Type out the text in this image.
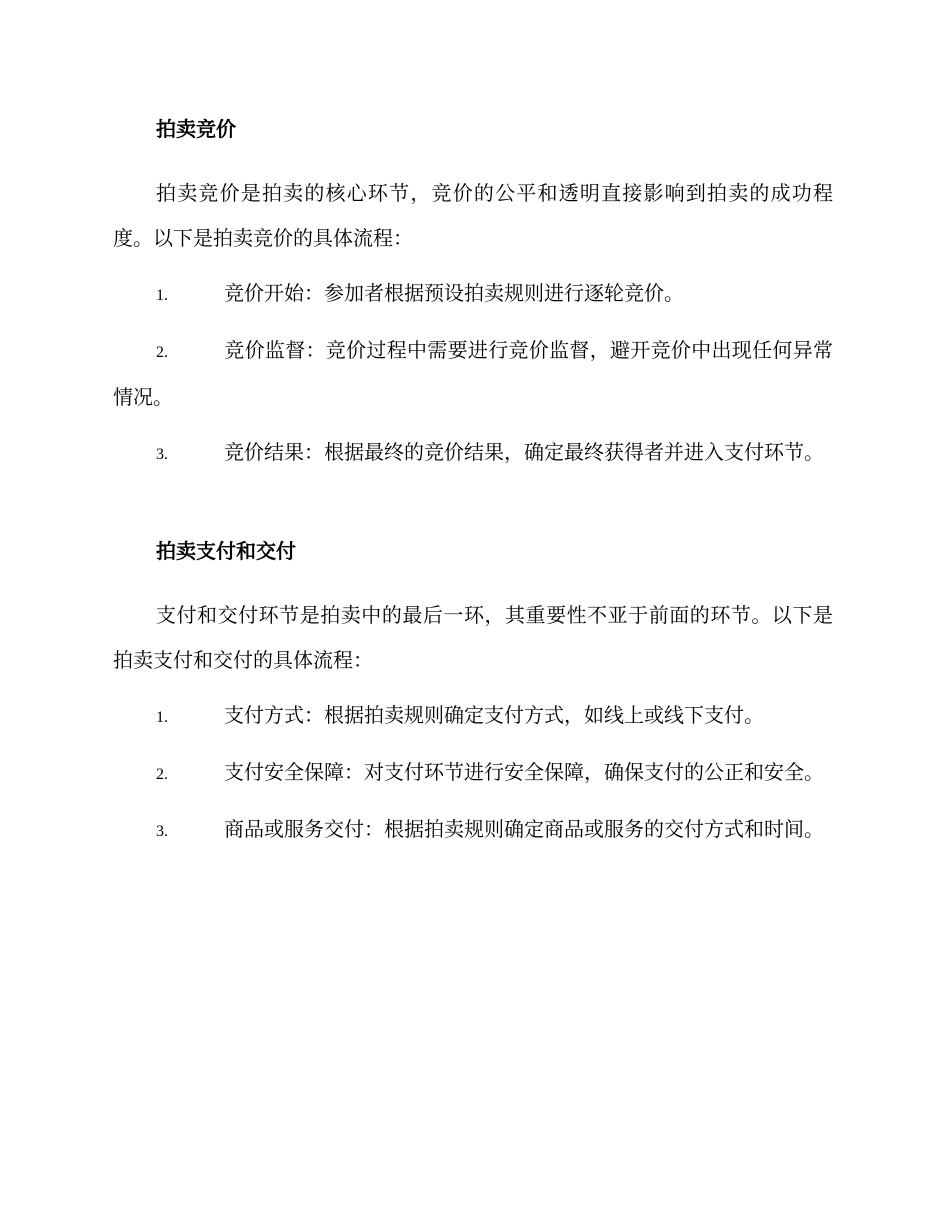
拍卖竞价

拍卖竞价是拍卖的核心环节，竞价的公平和透明直接影响到拍卖的成功程度。以下是拍卖竞价的具体流程：

1.	竞价开始：参加者根据预设拍卖规则进行逐轮竞价。

2.	竞价监督：竞价过程中需要进行竞价监督，避开竞价中出现任何异常情况。

3.	竞价结果：根据最终的竞价结果，确定最终获得者并进入支付环节。

拍卖支付和交付

支付和交付环节是拍卖中的最后一环，其重要性不亚于前面的环节。以下是拍卖支付和交付的具体流程：

1.	支付方式：根据拍卖规则确定支付方式，如线上或线下支付。

2.	支付安全保障：对支付环节进行安全保障，确保支付的公正和安全。

3.	商品或服务交付：根据拍卖规则确定商品或服务的交付方式和时间。
